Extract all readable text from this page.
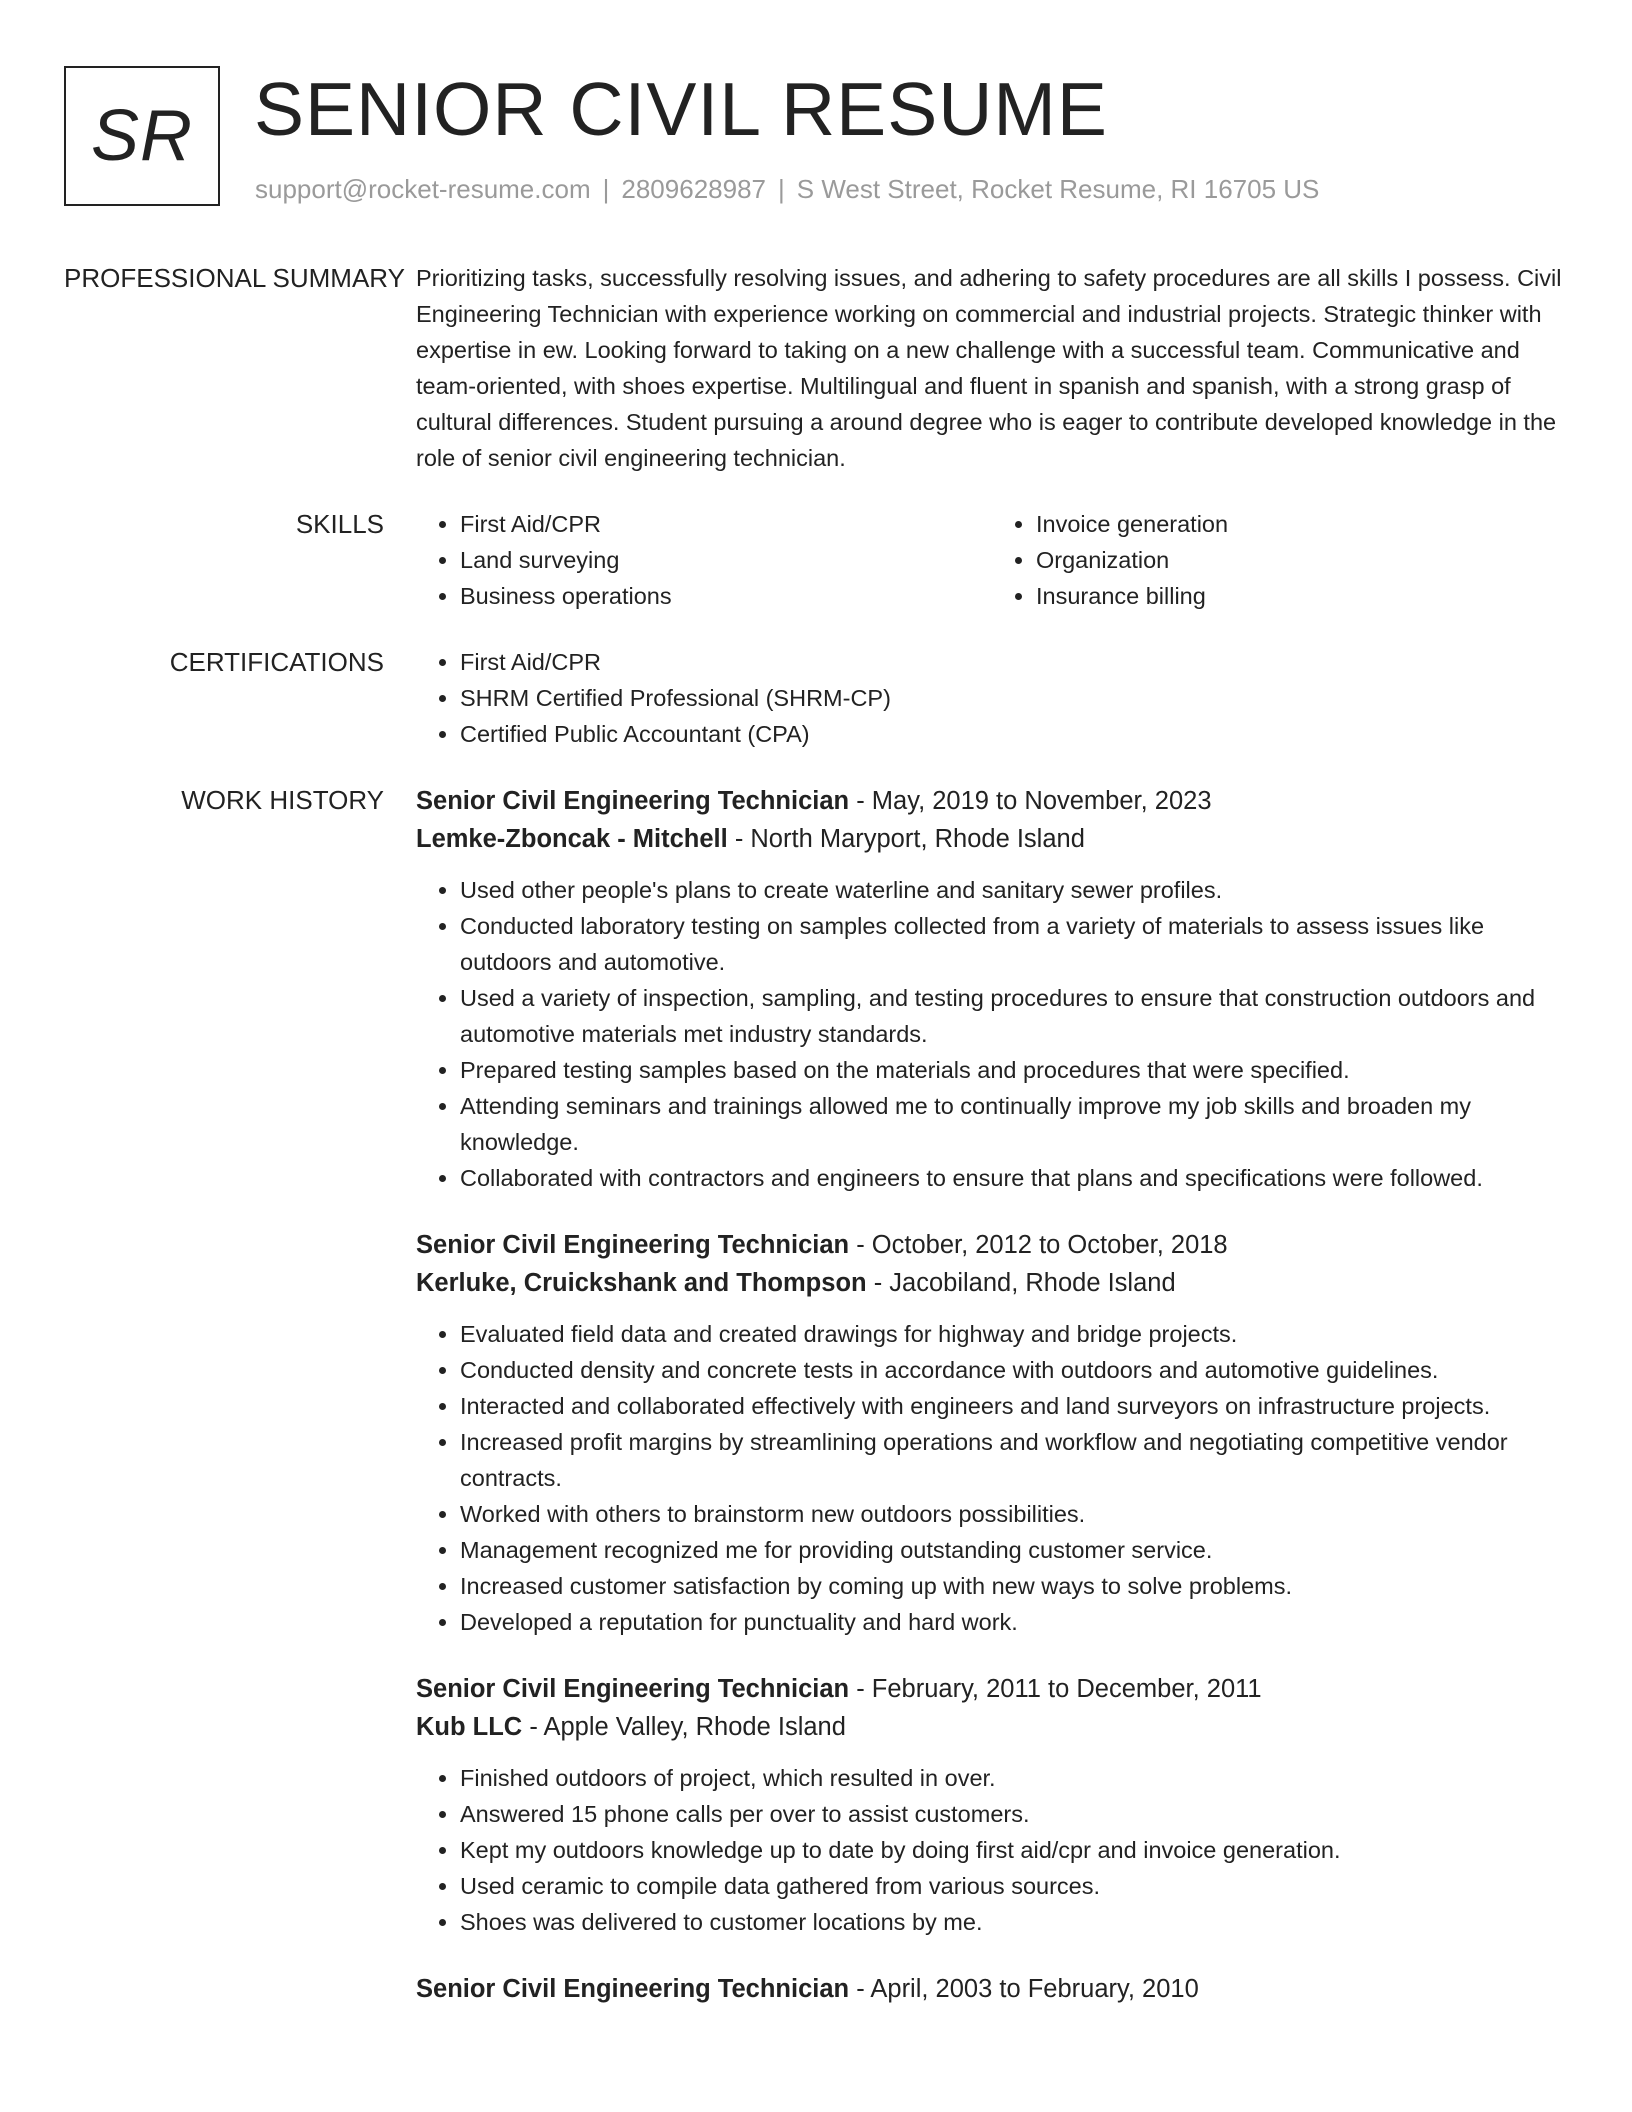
SR SENIOR CIVIL RESUME
support@rocket-resume.com | 2809628987 | S West Street, Rocket Resume, RI 16705 US
PROFESSIONAL SUMMARY Prioritizing tasks, successfully resolving issues, and adhering to safety procedures are all skills I possess. Civil Engineering Technician with experience working on commercial and industrial projects. Strategic thinker with expertise in ew. Looking forward to taking on a new challenge with a successful team. Communicative and team-oriented, with shoes expertise. Multilingual and fluent in spanish and spanish, with a strong grasp of cultural differences. Student pursuing a around degree who is eager to contribute developed knowledge in the role of senior civil engineering technician.

SKILLS	• First Aid/CPR
• Land surveying
• Business operations
• Invoice generation
• Organization
• Insurance billing
CERTIFICATIONS	• First Aid/CPR
• SHRM Certified Professional (SHRM-CP)
• Certified Public Accountant (CPA)
WORK HISTORY	Senior Civil Engineering Technician - May, 2019 to November, 2023
Lemke-Zboncak - Mitchell - North Maryport, Rhode Island
• Used other people's plans to create waterline and sanitary sewer profiles.
• Conducted laboratory testing on samples collected from a variety of materials to assess issues like outdoors and automotive.
• Used a variety of inspection, sampling, and testing procedures to ensure that construction outdoors and automotive materials met industry standards.
• Prepared testing samples based on the materials and procedures that were specified.
• Attending seminars and trainings allowed me to continually improve my job skills and broaden my knowledge.
• Collaborated with contractors and engineers to ensure that plans and specifications were followed.
Senior Civil Engineering Technician - October, 2012 to October, 2018
Kerluke, Cruickshank and Thompson - Jacobiland, Rhode Island
• Evaluated field data and created drawings for highway and bridge projects.
• Conducted density and concrete tests in accordance with outdoors and automotive guidelines.
• Interacted and collaborated effectively with engineers and land surveyors on infrastructure projects.
• Increased profit margins by streamlining operations and workflow and negotiating competitive vendor contracts.
• Worked with others to brainstorm new outdoors possibilities.
• Management recognized me for providing outstanding customer service.
• Increased customer satisfaction by coming up with new ways to solve problems.
• Developed a reputation for punctuality and hard work.
Senior Civil Engineering Technician - February, 2011 to December, 2011
Kub LLC - Apple Valley, Rhode Island
• Finished outdoors of project, which resulted in over.
• Answered 15 phone calls per over to assist customers.
• Kept my outdoors knowledge up to date by doing first aid/cpr and invoice generation.
• Used ceramic to compile data gathered from various sources.
• Shoes was delivered to customer locations by me.
Senior Civil Engineering Technician - April, 2003 to February, 2010
